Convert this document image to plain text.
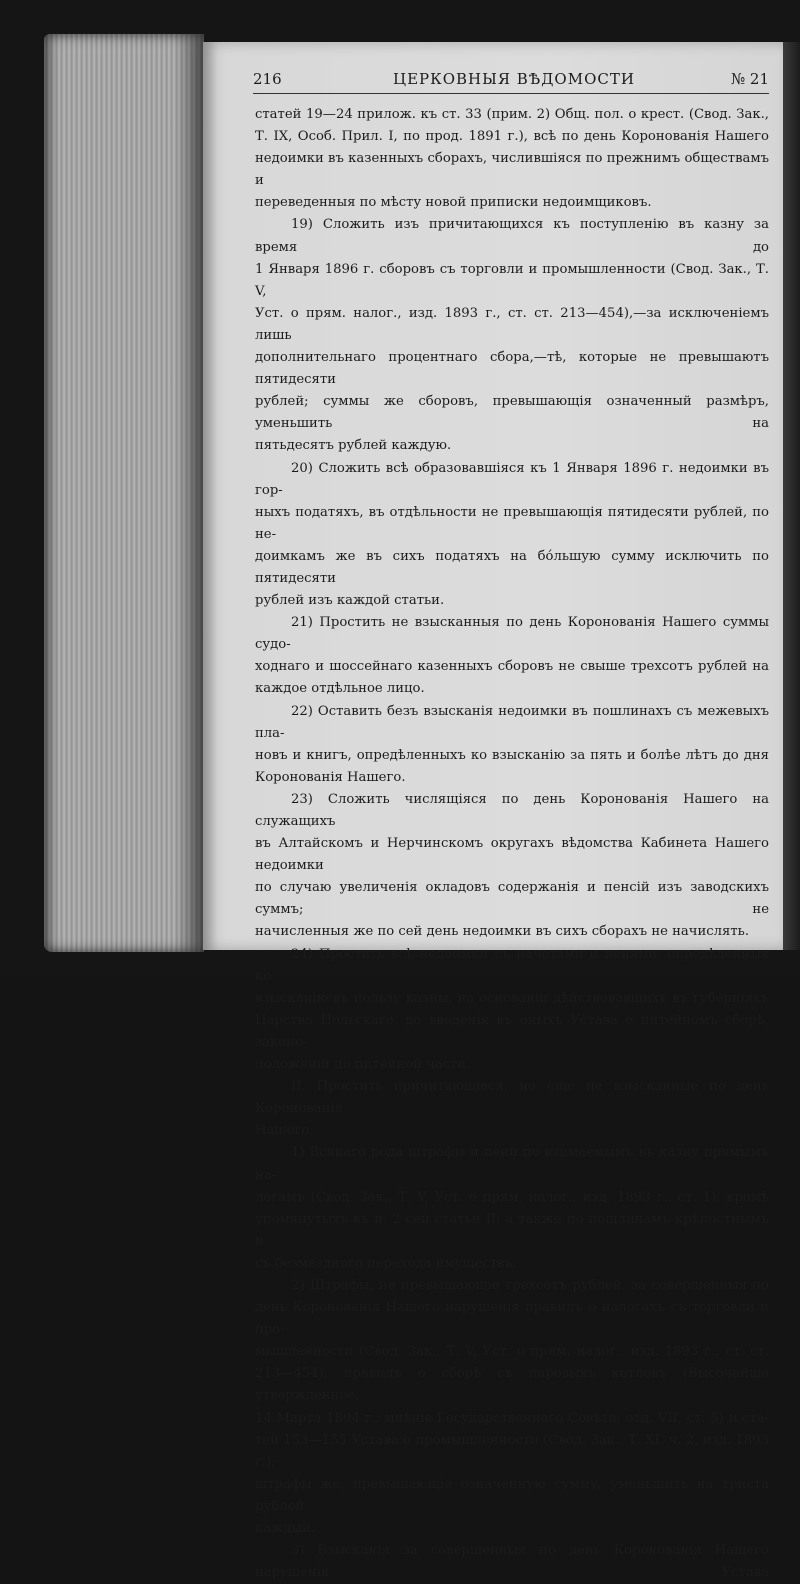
216	ЦЕРКОВНЫЯ ВѢДОМОСТИ	№ 21

статей 19—24 прилож. къ ст. 33 (прим. 2) Общ. пол. о крест. (Свод. Зак.,

Т. IX, Особ. Прил. I, по прод. 1891 г.), всѣ по день Коронованія Нашего

недоимки въ казенныхъ сборахъ, числившіяся по прежнимъ обществамъ и

переведенныя по мѣсту новой приписки недоимщиковъ.

19) Сложить изъ причитающихся къ поступленію въ казну за время до

1 Января 1896 г. сборовъ съ торговли и промышленности (Свод. Зак., Т. V,

Уст. о прям. налог., изд. 1893 г., ст. ст. 213—454),—за исключеніемъ лишь

дополнительнаго процентнаго сбора,—тѣ, которые не превышаютъ пятидесяти

рублей; суммы же сборовъ, превышающія означенный размѣръ, уменьшить на

пятьдесятъ рублей каждую.

20) Сложить всѣ образовавшіяся къ 1 Января 1896 г. недоимки въ гор-

ныхъ податяхъ, въ отдѣльности не превышающія пятидесяти рублей, по не-

доимкамъ же въ сихъ податяхъ на бо́льшую сумму исключить по пятидесяти

рублей изъ каждой статьи.

21) Простить не взысканныя по день Коронованія Нашего суммы судо-

ходнаго и шоссейнаго казенныхъ сборовъ не свыше трехсотъ рублей на

каждое отдѣльное лицо.

22) Оставить безъ взысканія недоимки въ пошлинахъ съ межевыхъ пла-

новъ и книгъ, опредѣленныхъ ко взысканію за пять и болѣе лѣтъ до дня

Коронованія Нашего.

23) Сложить числящіяся по день Коронованія Нашего на служащихъ

въ Алтайскомъ и Нерчинскомъ округахъ вѣдомства Кабинета Нашего недоимки

по случаю увеличенія окладовъ содержанія и пенсій изъ заводскихъ суммъ; не

начисленныя же по сей день недоимки въ сихъ сборахъ не начислять.

24) Простить всѣ недоимки съ начетами и пенями, опредѣленныя ко

взысканію въ пользу казны, на основаніи дѣйствовавшихъ въ губерніяхъ

Царства Польскаго, до введенія въ оныхъ Устава о питейномъ сборѣ, законо-

положеній по питейной части.

II. Простить причитающіеся, но еще не взысканные по день Коронованія

Нашего:

1) Всякаго рода штрафы и пени по взимаемымъ въ казну прямымъ на-

логамъ (Свод. Зак., Т. V, Уст. о прям. налог., изд. 1893 г., ст. 1), кромѣ

упомянутыхъ въ п. 2 сей статьи II, а также по пошлинамъ крѣпостнымъ и

съ безмездного перехода имуществъ.

2) Штрафы, не превышающіе трехсотъ рублей, за совершенныя по

день Коронованія Нашего нарушенія правилъ о налогахъ съ торговли и про-

мышленности (Свод. Зак., Т. V, Уст. о прям. налог., изд. 1893 г., ст. ст.

213—454), правилъ о сборѣ съ паровыхъ котловъ (Высочайше утвержденное,

14 Марта 1894 г., мнѣніе Государственнаго Совѣта, отд. VII, ст. 5) и ста-

тей 153—155 Устава о промышленности (Свод. Зак., Т. XI, ч. 2, изд. 1893 г.);

штрафы же, превышающіе означенную сумму, уменьшить на триста рублей

каждый.

3) Взысканія за совершенныя по день Коронованія Нашего нарушенія Устава
